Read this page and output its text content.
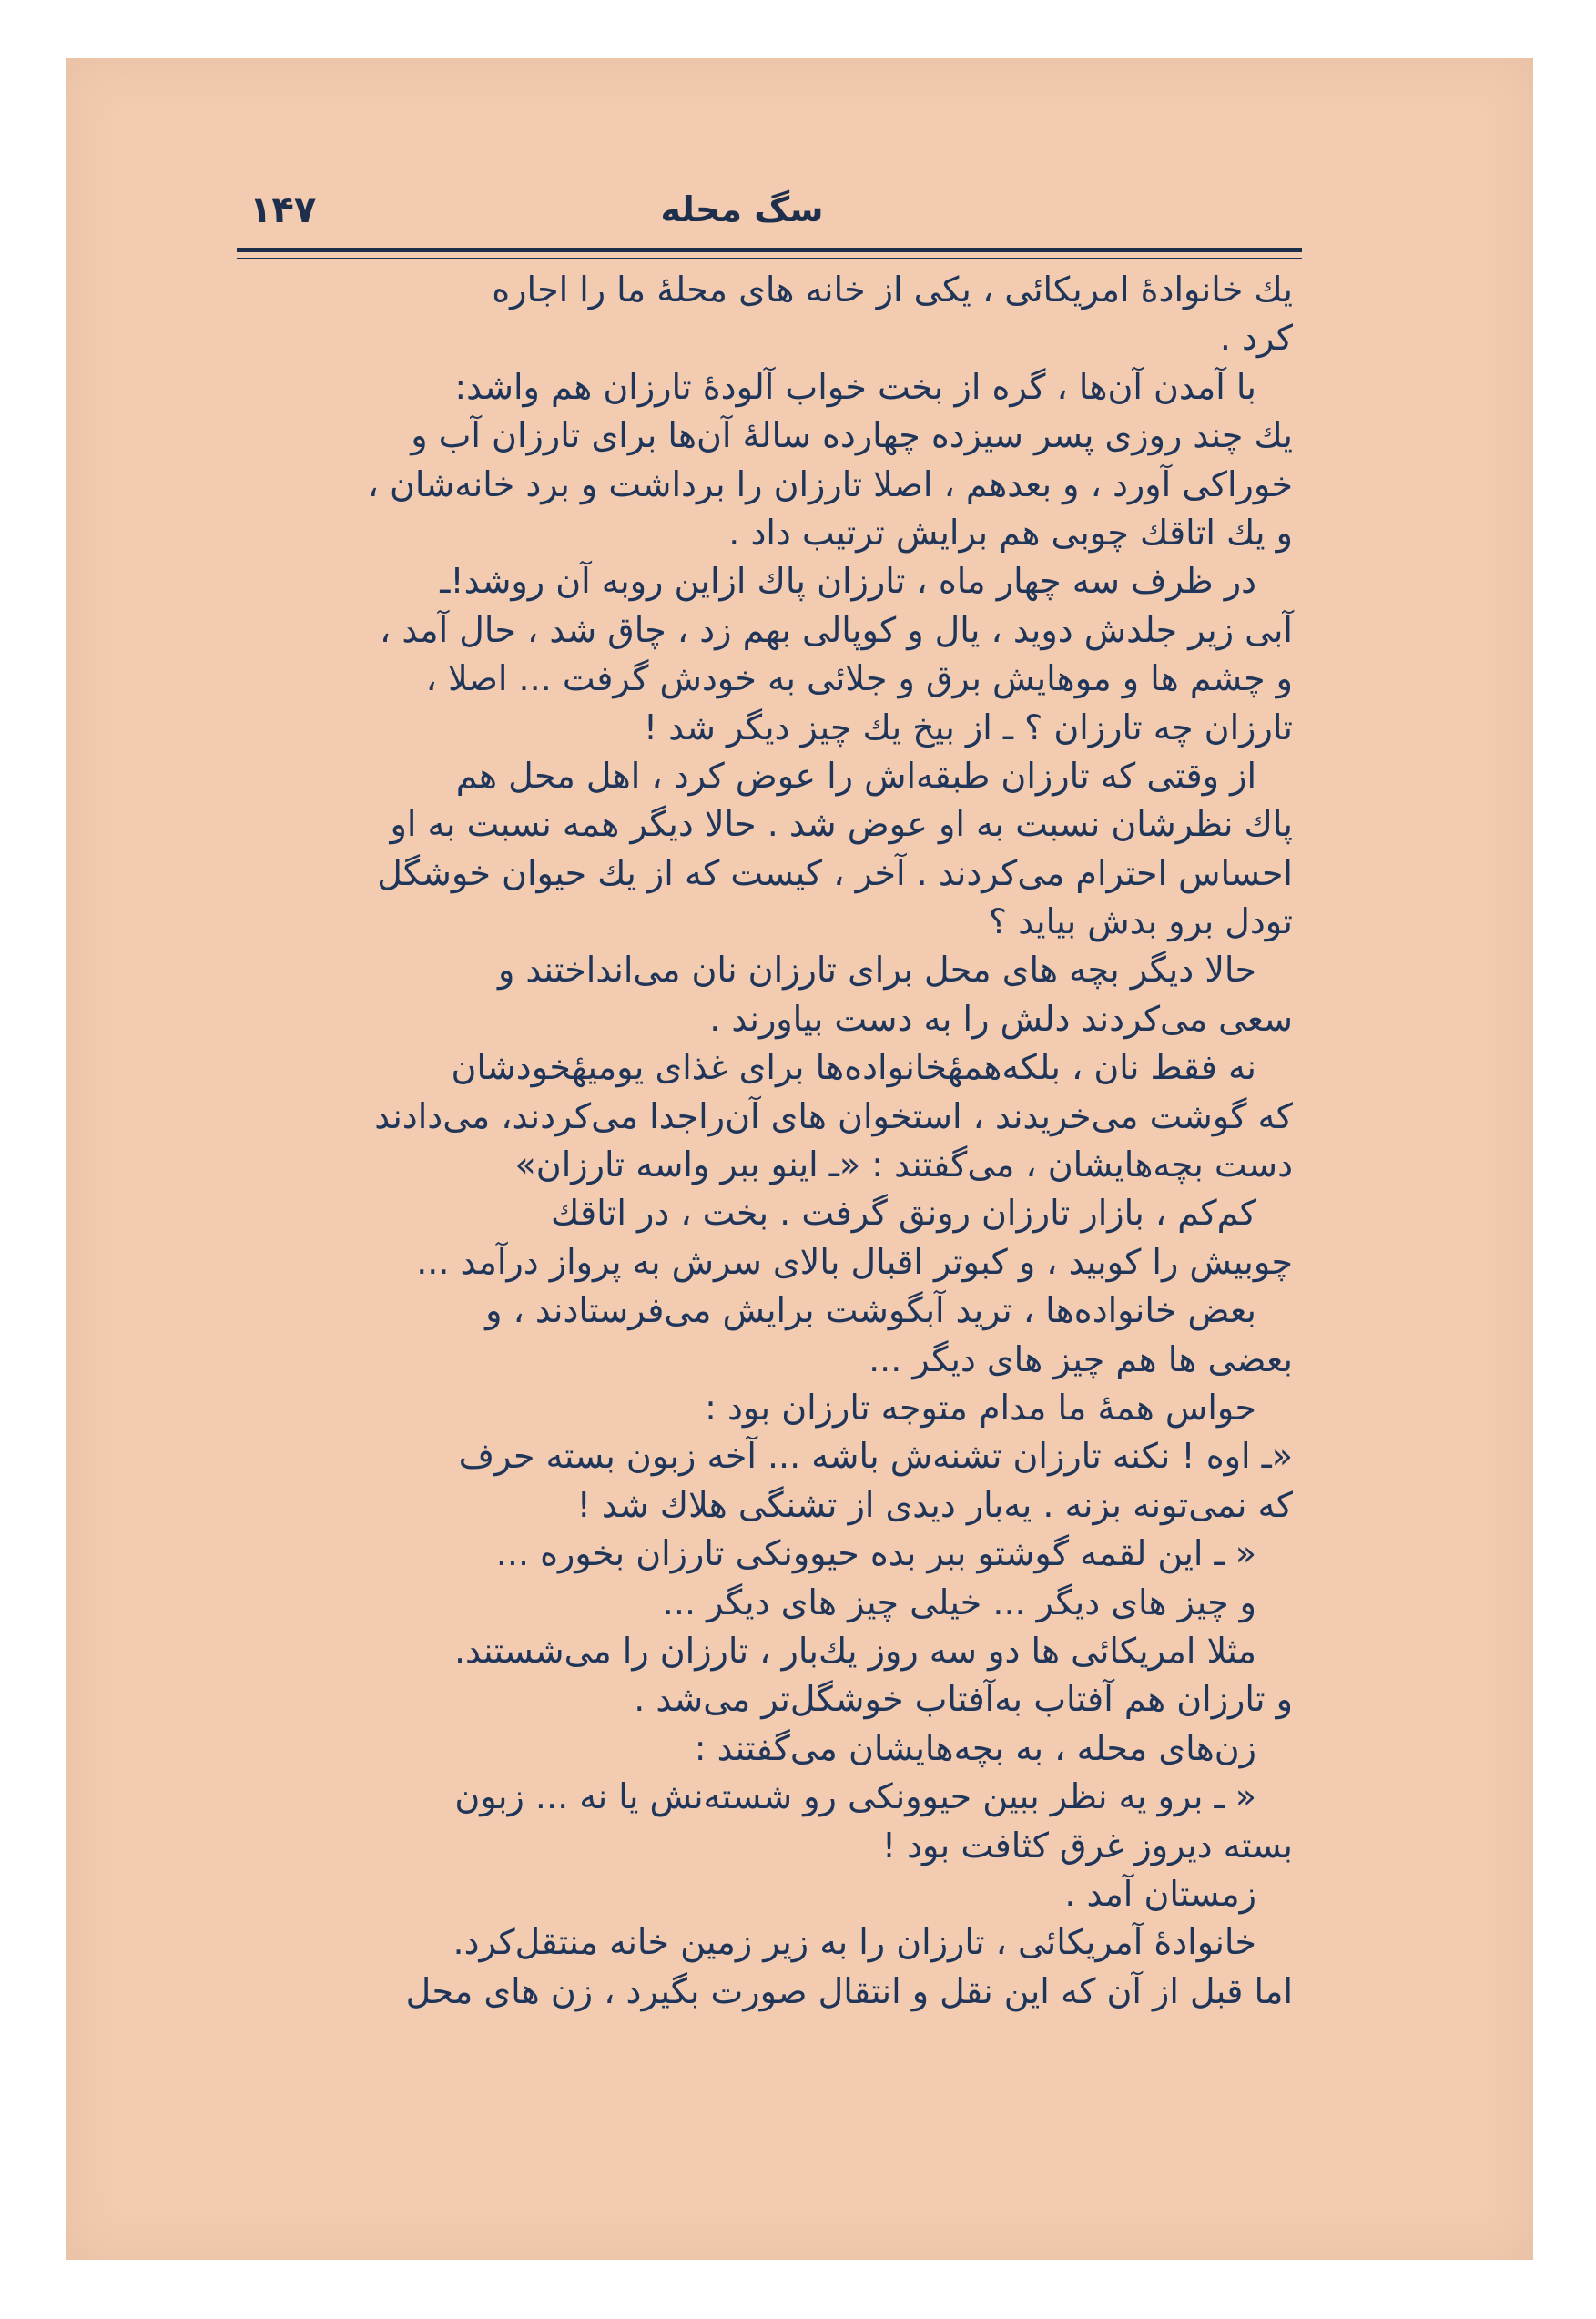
۱۴۷	سگ محله
یك خانوادهٔ امریکائی ، یکی از خانه های محلهٔ ما را اجاره
کرد .
با آمدن آن‌ها ، گره از بخت خواب آلودهٔ تارزان هم واشد:
یك چند روزی پسر سیزده چهارده سالهٔ آن‌ها برای تارزان آب و
خوراکی آورد ، و بعدهم ، اصلا تارزان را برداشت و برد خانه‌شان ،
و یك اتاقك چوبی هم برایش ترتیب داد .
در ظرف سه چهار ماه ، تارزان پاك ازاین روبه آن روشد!ـ
آبی زیر جلدش دوید ، یال و کوپالی بهم زد ، چاق شد ، حال آمد ،
و چشم ها و موهایش برق و جلائی به خودش گرفت ... اصلا ،
تارزان چه تارزان ؟ ـ از بیخ یك چیز دیگر شد !
از وقتی که تارزان طبقه‌اش را عوض کرد ، اهل محل هم
پاك نظرشان نسبت به او عوض شد . حالا دیگر همه نسبت به او
احساس احترام می‌کردند . آخر ، کیست که از یك حیوان خوشگل
تودل برو بدش بیاید ؟
حالا دیگر بچه های محل برای تارزان نان می‌انداختند و
سعی می‌کردند دلش را به دست بیاورند .
نه فقط نان ، بلکه‌همهٔخانواده‌ها برای غذای یومیهٔخودشان
که گوشت می‌خریدند ، استخوان های آن‌راجدا می‌کردند، می‌دادند
دست بچه‌هایشان ، می‌گفتند : «ـ اینو ببر واسه تارزان»
کم‌کم ، بازار تارزان رونق گرفت . بخت ، در اتاقك
چوبیش را کوبید ، و کبوتر اقبال بالای سرش به پرواز درآمد ...
بعض خانواده‌ها ، ترید آبگوشت برایش می‌فرستادند ، و
بعضی ها هم چیز های دیگر ...
حواس همهٔ ما مدام متوجه تارزان بود :
«ـ اوه ! نکنه تارزان تشنه‌ش باشه ... آخه زبون بسته حرف
که نمی‌تونه بزنه . یه‌بار دیدی از تشنگی هلاك شد !
« ـ این لقمه گوشتو ببر بده حیوونکی تارزان بخوره ...
و چیز های دیگر ... خیلی چیز های دیگر ...
مثلا امریکائی ها دو سه روز یك‌بار ، تارزان را می‌شستند.
و تارزان هم آفتاب به‌آفتاب خوشگل‌تر می‌شد .
زن‌های محله ، به بچه‌هایشان می‌گفتند :
« ـ برو یه نظر ببین حیوونکی رو شسته‌نش یا نه ... زبون
بسته دیروز غرق کثافت بود !
زمستان آمد .
خانوادهٔ آمریکائی ، تارزان را به زیر زمین خانه منتقل‌کرد.
اما قبل از آن که این نقل و انتقال صورت بگیرد ، زن های محل
